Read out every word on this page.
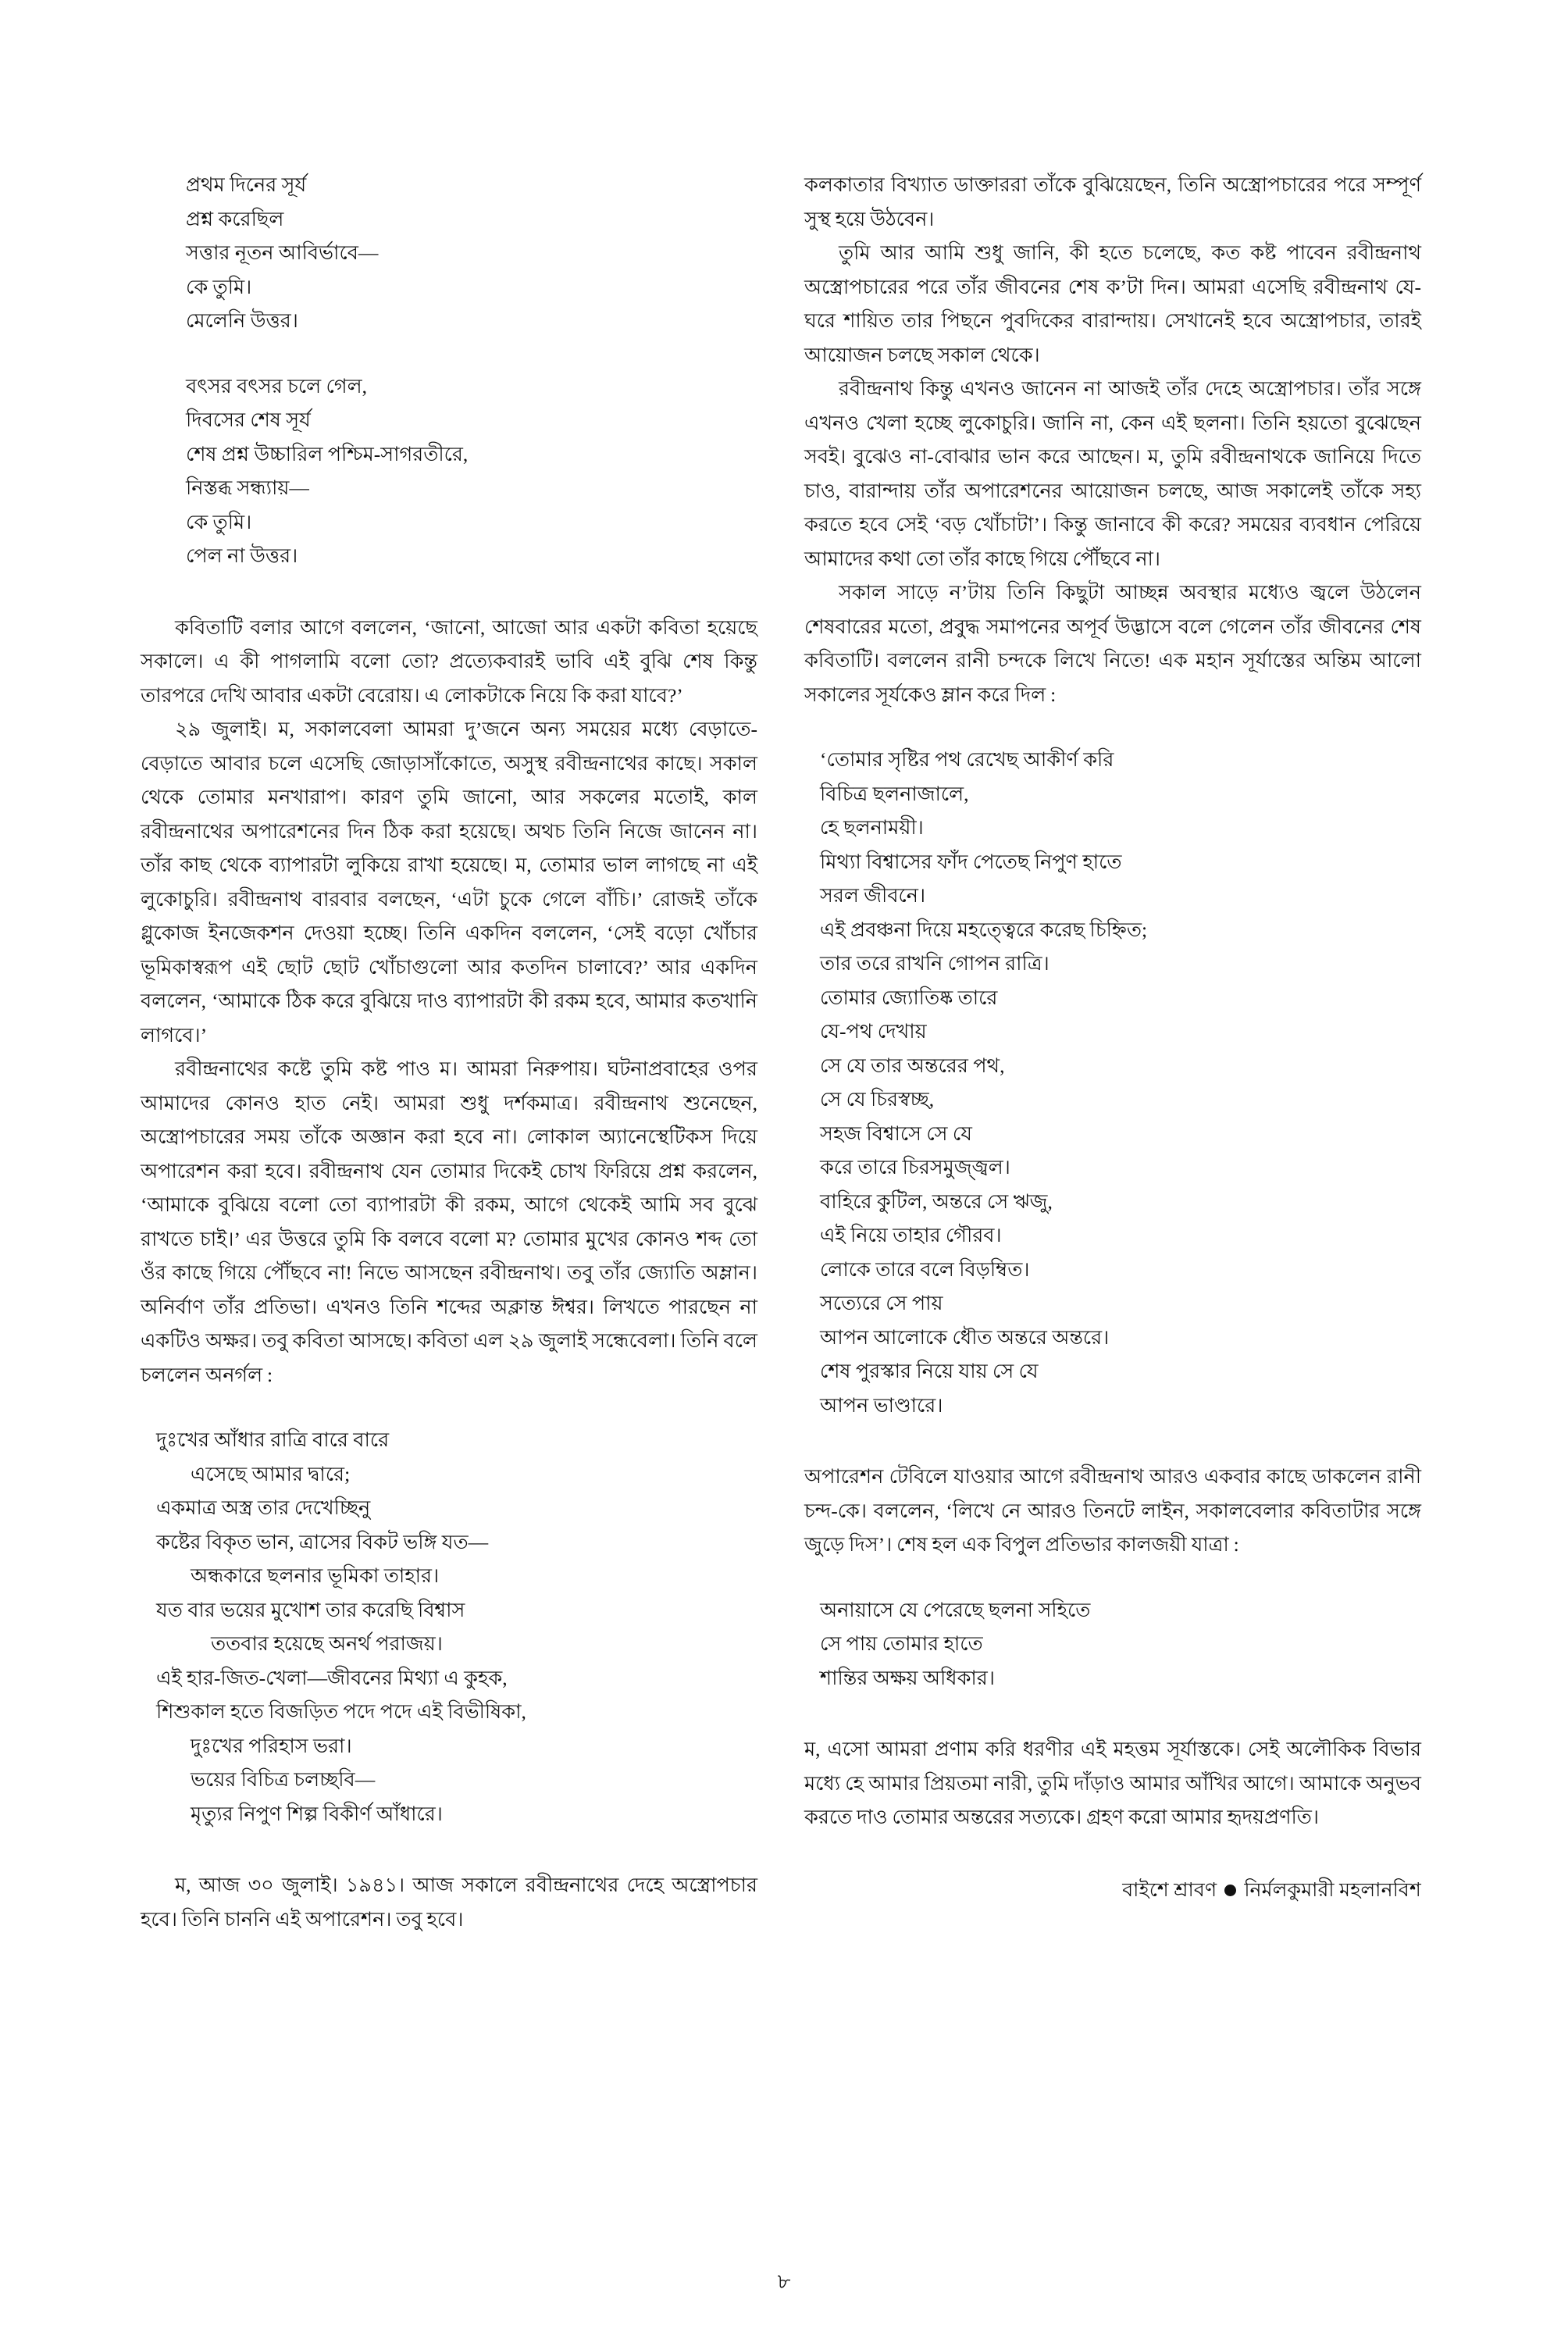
প্রথম দিনের সূর্য
প্রশ্ন করেছিল
সত্তার নূতন আবির্ভাবে—
কে তুমি।
মেলেনি উত্তর।
বৎসর বৎসর চলে গেল,
দিবসের শেষ সূর্য
শেষ প্রশ্ন উচ্চারিল পশ্চিম-সাগরতীরে,
নিস্তব্ধ সন্ধ্যায়—
কে তুমি।
পেল না উত্তর।

কবিতাটি বলার আগে বললেন, ‘জানো, আজো আর একটা কবিতা হয়েছে সকালে। এ কী পাগলামি বলো তো? প্রত্যেকবারই ভাবি এই বুঝি শেষ কিন্তু তারপরে দেখি আবার একটা বেরোয়। এ লোকটাকে নিয়ে কি করা যাবে?’

২৯ জুলাই। ম, সকালবেলা আমরা দু’জনে অন্য সময়ের মধ্যে বেড়াতে-বেড়াতে আবার চলে এসেছি জোড়াসাঁকোতে, অসুস্থ রবীন্দ্রনাথের কাছে। সকাল থেকে তোমার মনখারাপ। কারণ তুমি জানো, আর সকলের মতোই, কাল রবীন্দ্রনাথের অপারেশনের দিন ঠিক করা হয়েছে। অথচ তিনি নিজে জানেন না। তাঁর কাছ থেকে ব্যাপারটা লুকিয়ে রাখা হয়েছে। ম, তোমার ভাল লাগছে না এই লুকোচুরি। রবীন্দ্রনাথ বারবার বলছেন, ‘এটা চুকে গেলে বাঁচি।’ রোজই তাঁকে গ্লুকোজ ইনজেকশন দেওয়া হচ্ছে। তিনি একদিন বললেন, ‘সেই বড়ো খোঁচার ভূমিকাস্বরূপ এই ছোট ছোট খোঁচাগুলো আর কতদিন চালাবে?’ আর একদিন বললেন, ‘আমাকে ঠিক করে বুঝিয়ে দাও ব্যাপারটা কী রকম হবে, আমার কতখানি লাগবে।’

রবীন্দ্রনাথের কষ্টে তুমি কষ্ট পাও ম। আমরা নিরুপায়। ঘটনাপ্রবাহের ওপর আমাদের কোনও হাত নেই। আমরা শুধু দর্শকমাত্র। রবীন্দ্রনাথ শুনেছেন, অস্ত্রোপচারের সময় তাঁকে অজ্ঞান করা হবে না। লোকাল অ্যানেস্থেটিকস দিয়ে অপারেশন করা হবে। রবীন্দ্রনাথ যেন তোমার দিকেই চোখ ফিরিয়ে প্রশ্ন করলেন, ‘আমাকে বুঝিয়ে বলো তো ব্যাপারটা কী রকম, আগে থেকেই আমি সব বুঝে রাখতে চাই।’ এর উত্তরে তুমি কি বলবে বলো ম? তোমার মুখের কোনও শব্দ তো ওঁর কাছে গিয়ে পৌঁছবে না! নিভে আসছেন রবীন্দ্রনাথ। তবু তাঁর জ্যোতি অম্লান। অনির্বাণ তাঁর প্রতিভা। এখনও তিনি শব্দের অক্লান্ত ঈশ্বর। লিখতে পারছেন না একটিও অক্ষর। তবু কবিতা আসছে। কবিতা এল ২৯ জুলাই সন্ধেবেলা। তিনি বলে চললেন অনর্গল :

দুঃখের আঁধার রাত্রি বারে বারে
এসেছে আমার দ্বারে;
একমাত্র অস্ত্র তার দেখেচ্ছিনু
কষ্টের বিকৃত ভান, ত্রাসের বিকট ভঙ্গি যত—
অন্ধকারে ছলনার ভূমিকা তাহার।
যত বার ভয়ের মুখোশ তার করেছি বিশ্বাস
ততবার হয়েছে অনর্থ পরাজয়।
এই হার-জিত-খেলা—জীবনের মিথ্যা এ কুহক,
শিশুকাল হতে বিজড়িত পদে পদে এই বিভীষিকা,
দুঃখের পরিহাস ভরা।
ভয়ের বিচিত্র চলচ্ছবি—
মৃত্যুর নিপুণ শিল্প বিকীর্ণ আঁধারে।

ম, আজ ৩০ জুলাই। ১৯৪১। আজ সকালে রবীন্দ্রনাথের দেহে অস্ত্রোপচার হবে। তিনি চাননি এই অপারেশন। তবু হবে।

কলকাতার বিখ্যাত ডাক্তাররা তাঁকে বুঝিয়েছেন, তিনি অস্ত্রোপচারের পরে সম্পূর্ণ সুস্থ হয়ে উঠবেন।

তুমি আর আমি শুধু জানি, কী হতে চলেছে, কত কষ্ট পাবেন রবীন্দ্রনাথ অস্ত্রোপচারের পরে তাঁর জীবনের শেষ ক’টা দিন। আমরা এসেছি রবীন্দ্রনাথ যে-ঘরে শায়িত তার পিছনে পুবদিকের বারান্দায়। সেখানেই হবে অস্ত্রোপচার, তারই আয়োজন চলছে সকাল থেকে।

রবীন্দ্রনাথ কিন্তু এখনও জানেন না আজই তাঁর দেহে অস্ত্রোপচার। তাঁর সঙ্গে এখনও খেলা হচ্ছে লুকোচুরি। জানি না, কেন এই ছলনা। তিনি হয়তো বুঝেছেন সবই। বুঝেও না-বোঝার ভান করে আছেন। ম, তুমি রবীন্দ্রনাথকে জানিয়ে দিতে চাও, বারান্দায় তাঁর অপারেশনের আয়োজন চলছে, আজ সকালেই তাঁকে সহ্য করতে হবে সেই ‘বড় খোঁচাটা’। কিন্তু জানাবে কী করে? সময়ের ব্যবধান পেরিয়ে আমাদের কথা তো তাঁর কাছে গিয়ে পৌঁছবে না।

সকাল সাড়ে ন’টায় তিনি কিছুটা আচ্ছন্ন অবস্থার মধ্যেও জ্বলে উঠলেন শেষবারের মতো, প্রবুদ্ধ সমাপনের অপূর্ব উদ্ভাসে বলে গেলেন তাঁর জীবনের শেষ কবিতাটি। বললেন রানী চন্দকে লিখে নিতে! এক মহান সূর্যাস্তের অন্তিম আলো সকালের সূর্যকেও ম্লান করে দিল :

‘তোমার সৃষ্টির পথ রেখেছ আকীর্ণ করি
বিচিত্র ছলনাজালে,
হে ছলনাময়ী।
মিথ্যা বিশ্বাসের ফাঁদ পেতেছ নিপুণ হাতে
সরল জীবনে।
এই প্রবঞ্চনা দিয়ে মহত্ত্বেরে করেছ চিহ্নিত;
তার তরে রাখনি গোপন রাত্রি।
তোমার জ্যোতিষ্ক তারে
যে-পথ দেখায়
সে যে তার অন্তরের পথ,
সে যে চিরস্বচ্ছ,
সহজ বিশ্বাসে সে যে
করে তারে চিরসমুজ্জ্বল।
বাহিরে কুটিল, অন্তরে সে ঋজু,
এই নিয়ে তাহার গৌরব।
লোকে তারে বলে বিড়ম্বিত।
সত্যেরে সে পায়
আপন আলোকে ধৌত অন্তরে অন্তরে।
শেষ পুরস্কার নিয়ে যায় সে যে
আপন ভাণ্ডারে।

অপারেশন টেবিলে যাওয়ার আগে রবীন্দ্রনাথ আরও একবার কাছে ডাকলেন রানী চন্দ-কে। বললেন, ‘লিখে নে আরও তিনটে লাইন, সকালবেলার কবিতাটার সঙ্গে জুড়ে দিস’। শেষ হল এক বিপুল প্রতিভার কালজয়ী যাত্রা :

অনায়াসে যে পেরেছে ছলনা সহিতে
সে পায় তোমার হাতে
শান্তির অক্ষয় অধিকার।

ম, এসো আমরা প্রণাম করি ধরণীর এই মহত্তম সূর্যাস্তকে। সেই অলৌকিক বিভার মধ্যে হে আমার প্রিয়তমা নারী, তুমি দাঁড়াও আমার আঁখির আগে। আমাকে অনুভব করতে দাও তোমার অন্তরের সত্যকে। গ্রহণ করো আমার হৃদয়প্রণতি।

বাইশে শ্রাবণ নির্মলকুমারী মহলানবিশ
৮
